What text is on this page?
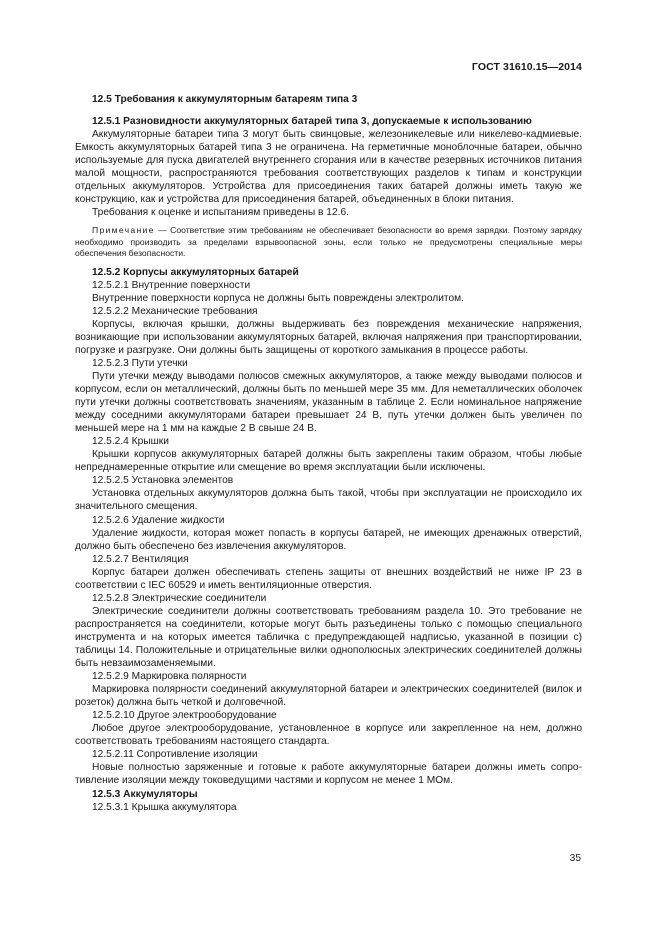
ГОСТ 31610.15—2014

12.5 Требования к аккумуляторным батареям типа 3

12.5.1 Разновидности аккумуляторных батарей типа 3, допускаемые к использованию

Аккумуляторные батареи типа 3 могут быть свинцовые, железоникелевые или никелево-кадмиевые. Емкость аккумуляторных батарей типа 3 не ограничена. На герметичные моноблочные батареи, обычно используемые для пуска двигателей внутреннего сгорания или в качестве резервных источников питания малой мощности, распространяются требования соответствующих разделов к типам и конструкции отдельных аккумуляторов. Устройства для присоединения таких батарей должны иметь такую же конструкцию, как и устройства для присоединения батарей, объединенных в блоки питания.

Требования к оценке и испытаниям приведены в 12.6.

Примечание — Соответствие этим требованиям не обеспечивает безопасности во время зарядки. Поэтому зарядку необходимо производить за пределами взрывоопасной зоны, если только не предусмотрены специальные меры обеспечения безопасности.

12.5.2 Корпусы аккумуляторных батарей

12.5.2.1 Внутренние поверхности

Внутренние поверхности корпуса не должны быть повреждены электролитом.

12.5.2.2 Механические требования

Корпусы, включая крышки, должны выдерживать без повреждения механические напряжения, возникающие при использовании аккумуляторных батарей, включая напряжения при транспортировании, погрузке и разгрузке. Они должны быть защищены от короткого замыкания в процессе работы.

12.5.2.3 Пути утечки

Пути утечки между выводами полюсов смежных аккумуляторов, а также между выводами полюсов и корпусом, если он металлический, должны быть по меньшей мере 35 мм. Для неметаллических оболочек пути утечки должны соответствовать значениям, указанным в таблице 2. Если номинальное напряжение между соседними аккумуляторами батареи превышает 24 В, путь утечки должен быть увеличен по меньшей мере на 1 мм на каждые 2 В свыше 24 В.

12.5.2.4 Крышки

Крышки корпусов аккумуляторных батарей должны быть закреплены таким образом, чтобы любые непреднамеренные открытие или смещение во время эксплуатации были исключены.

12.5.2.5 Установка элементов

Установка отдельных аккумуляторов должна быть такой, чтобы при эксплуатации не происходило их значительного смещения.

12.5.2.6 Удаление жидкости

Удаление жидкости, которая может попасть в корпусы батарей, не имеющих дренажных отверстий, должно быть обеспечено без извлечения аккумуляторов.

12.5.2.7 Вентиляция

Корпус батареи должен обеспечивать степень защиты от внешних воздействий не ниже IP 23 в соответствии с IEC 60529 и иметь вентиляционные отверстия.

12.5.2.8 Электрические соединители

Электрические соединители должны соответствовать требованиям раздела 10. Это требование не распространяется на соединители, которые могут быть разъединены только с помощью специального инструмента и на которых имеется табличка с предупреждающей надписью, указанной в позиции с) таблицы 14. Положительные и отрицательные вилки однополюсных электрических соединителей должны быть невзаимозаменяемыми.

12.5.2.9 Маркировка полярности

Маркировка полярности соединений аккумуляторной батареи и электрических соединителей (вилок и розеток) должна быть четкой и долговечной.

12.5.2.10 Другое электрооборудование

Любое другое электрооборудование, установленное в корпусе или закрепленное на нем, должно соответствовать требованиям настоящего стандарта.

12.5.2.11 Сопротивление изоляции

Новые полностью заряженные и готовые к работе аккумуляторные батареи должны иметь сопротивление изоляции между токоведущими частями и корпусом не менее 1 МОм.

12.5.3 Аккумуляторы

12.5.3.1 Крышка аккумулятора

35
